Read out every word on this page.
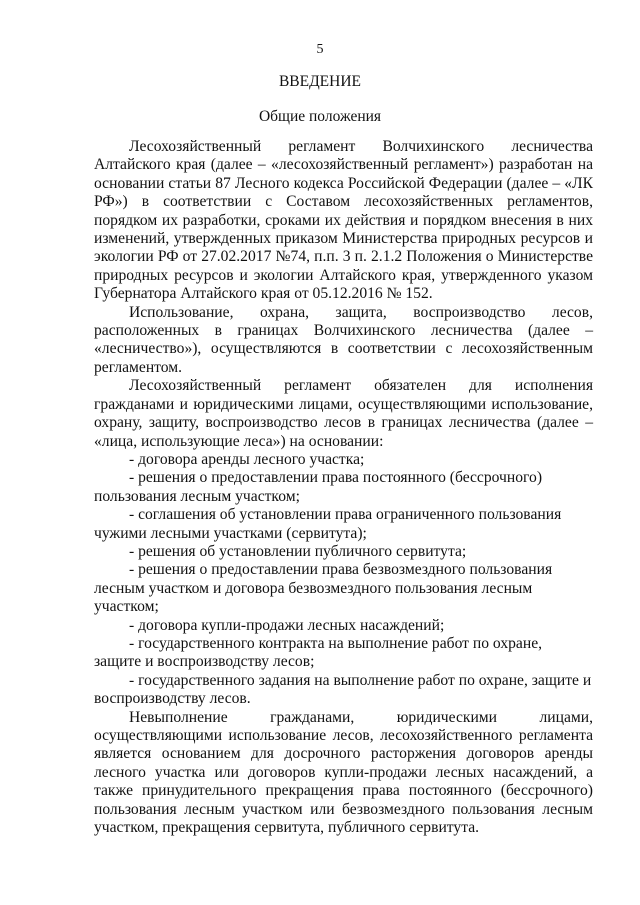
5
ВВЕДЕНИЕ
Общие положения

Лесохозяйственный регламент Волчихинского лесничества Алтайского края (далее – «лесохозяйственный регламент») разработан на основании статьи 87 Лесного кодекса Российской Федерации (далее – «ЛК РФ») в соответствии с Составом лесохозяйственных регламентов, порядком их разработки, сроками их действия и порядком внесения в них изменений, утвержденных приказом Министерства природных ресурсов и экологии РФ от 27.02.2017 №74, п.п. 3 п. 2.1.2 Положения о Министерстве природных ресурсов и экологии Алтайского края, утвержденного указом Губернатора Алтайского края от 05.12.2016 № 152.

Использование, охрана, защита, воспроизводство лесов, расположенных в границах Волчихинского лесничества (далее – «лесничество»), осуществляются в соответствии с лесохозяйственным регламентом.

Лесохозяйственный регламент обязателен для исполнения гражданами и юридическими лицами, осуществляющими использование, охрану, защиту, воспроизводство лесов в границах лесничества (далее – «лица, использующие леса») на основании:

- договора аренды лесного участка;

- решения о предоставлении права постоянного (бессрочного) пользования лесным участком;

- соглашения об установлении права ограниченного пользования чужими лесными участками (сервитута);

- решения об установлении публичного сервитута;

- решения о предоставлении права безвозмездного пользования лесным участком и договора безвозмездного пользования лесным участком;

- договора купли-продажи лесных насаждений;

- государственного контракта на выполнение работ по охране, защите и воспроизводству лесов;

- государственного задания на выполнение работ по охране, защите и воспроизводству лесов.

Невыполнение гражданами, юридическими лицами, осуществляющими использование лесов, лесохозяйственного регламента является основанием для досрочного расторжения договоров аренды лесного участка или договоров купли-продажи лесных насаждений, а также принудительного прекращения права постоянного (бессрочного) пользования лесным участком или безвозмездного пользования лесным участком, прекращения сервитута, публичного сервитута.
